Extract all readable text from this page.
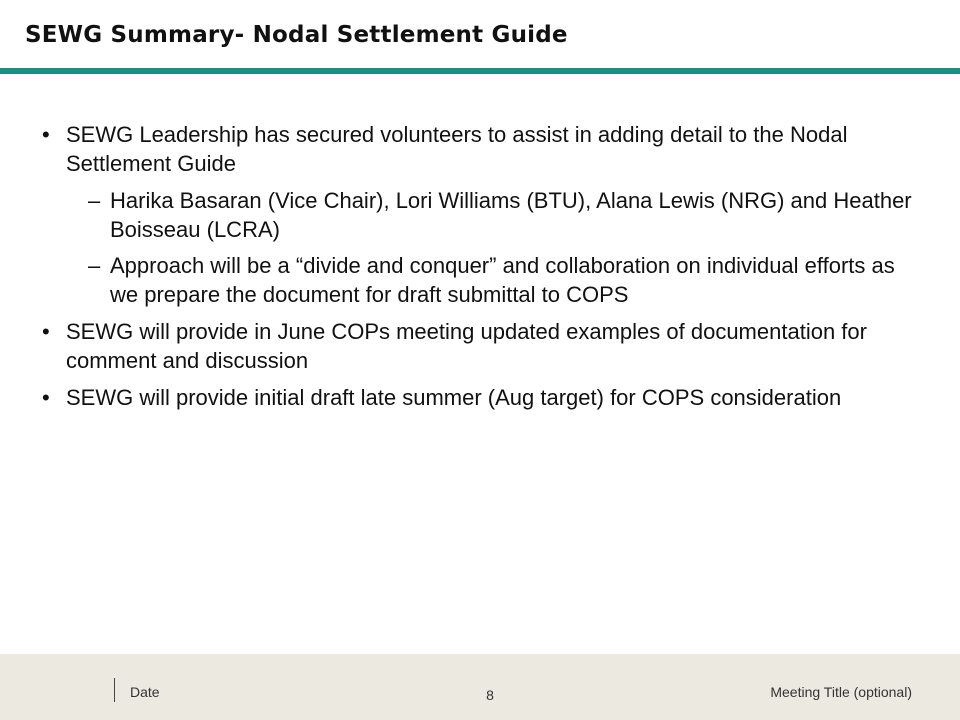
SEWG Summary- Nodal Settlement Guide
• SEWG Leadership has secured volunteers to assist in adding detail to the Nodal Settlement Guide
– Harika Basaran (Vice Chair), Lori Williams (BTU), Alana Lewis (NRG) and Heather Boisseau (LCRA)
– Approach will be a “divide and conquer” and collaboration on individual efforts as we prepare the document for draft submittal to COPS
• SEWG will provide in June COPs meeting updated examples of documentation for comment and discussion
• SEWG will provide initial draft late summer (Aug target) for COPS consideration
Date	8	Meeting Title (optional)
